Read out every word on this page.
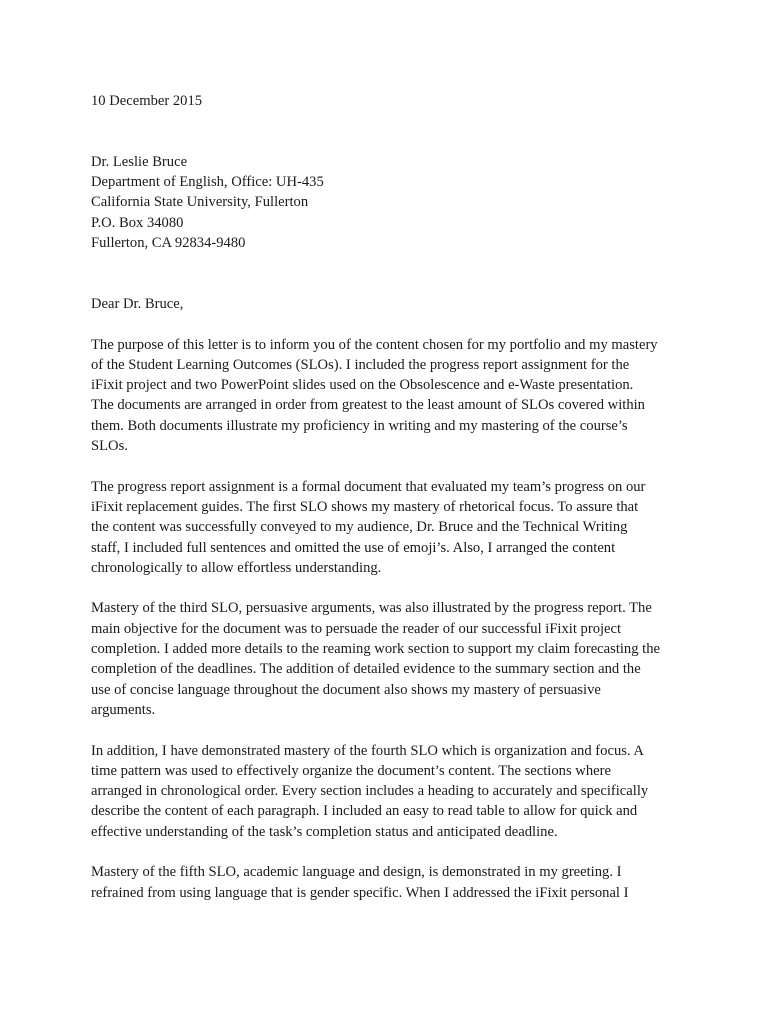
10 December 2015
Dr. Leslie Bruce
Department of English, Office: UH-435
California State University, Fullerton
P.O. Box 34080
Fullerton, CA 92834-9480
Dear Dr. Bruce,
The purpose of this letter is to inform you of the content chosen for my portfolio and my mastery
of the Student Learning Outcomes (SLOs). I included the progress report assignment for the
iFixit project and two PowerPoint slides used on the Obsolescence and e-Waste presentation.
The documents are arranged in order from greatest to the least amount of SLOs covered within
them. Both documents illustrate my proficiency in writing and my mastering of the course’s
SLOs.
The progress report assignment is a formal document that evaluated my team’s progress on our
iFixit replacement guides. The first SLO shows my mastery of rhetorical focus. To assure that
the content was successfully conveyed to my audience, Dr. Bruce and the Technical Writing
staff, I included full sentences and omitted the use of emoji’s. Also, I arranged the content
chronologically to allow effortless understanding.
Mastery of the third SLO, persuasive arguments, was also illustrated by the progress report. The
main objective for the document was to persuade the reader of our successful iFixit project
completion. I added more details to the reaming work section to support my claim forecasting the
completion of the deadlines. The addition of detailed evidence to the summary section and the
use of concise language throughout the document also shows my mastery of persuasive
arguments.
In addition, I have demonstrated mastery of the fourth SLO which is organization and focus. A
time pattern was used to effectively organize the document’s content. The sections where
arranged in chronological order. Every section includes a heading to accurately and specifically
describe the content of each paragraph. I included an easy to read table to allow for quick and
effective understanding of the task’s completion status and anticipated deadline.
Mastery of the fifth SLO, academic language and design, is demonstrated in my greeting. I
refrained from using language that is gender specific. When I addressed the iFixit personal I
